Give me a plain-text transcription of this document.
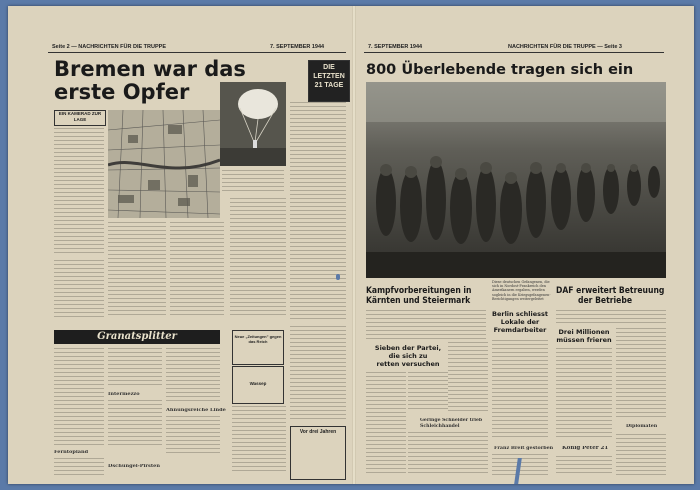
Seite 2 — NACHRICHTEN FÜR DIE TRUPPE	7. SEPTEMBER 1944
Bremen war das
erste Opfer
DIE
LETZTEN
21 TAGE
EIN KAMERAD ZUR LAGE
Granatsplitter
Intermezzo
Ahnungsreiche Linde
Ferntopland
Dschungel-Pirsten
Neue „Zeitungen" gegen das Reich
Wassep
Vor drei Jahren
7. SEPTEMBER 1944	NACHRICHTEN FÜR DIE TRUPPE — Seite 3
800 Überlebende tragen sich ein
Diese deutschen Gefangenen, die sich in Nordost-Frankreich den Amerikanern ergaben, werden sogleich in die Kriegsgefangenen-Berichtigungen weitergeleitet
Kampfvorbereitungen in
Kärnten und Steiermark
Sieben der Partei,
die sich zu
retten versuchen
Geringe Schneider trieb Schleichhandel
Berlin schliesst
Lokale der
Fremdarbeiter
Franz Breit gestorben
DAF erweitert Betreuung
der Betriebe
Drei Millionen
müssen frieren
König Peter 21
Diplomaten
